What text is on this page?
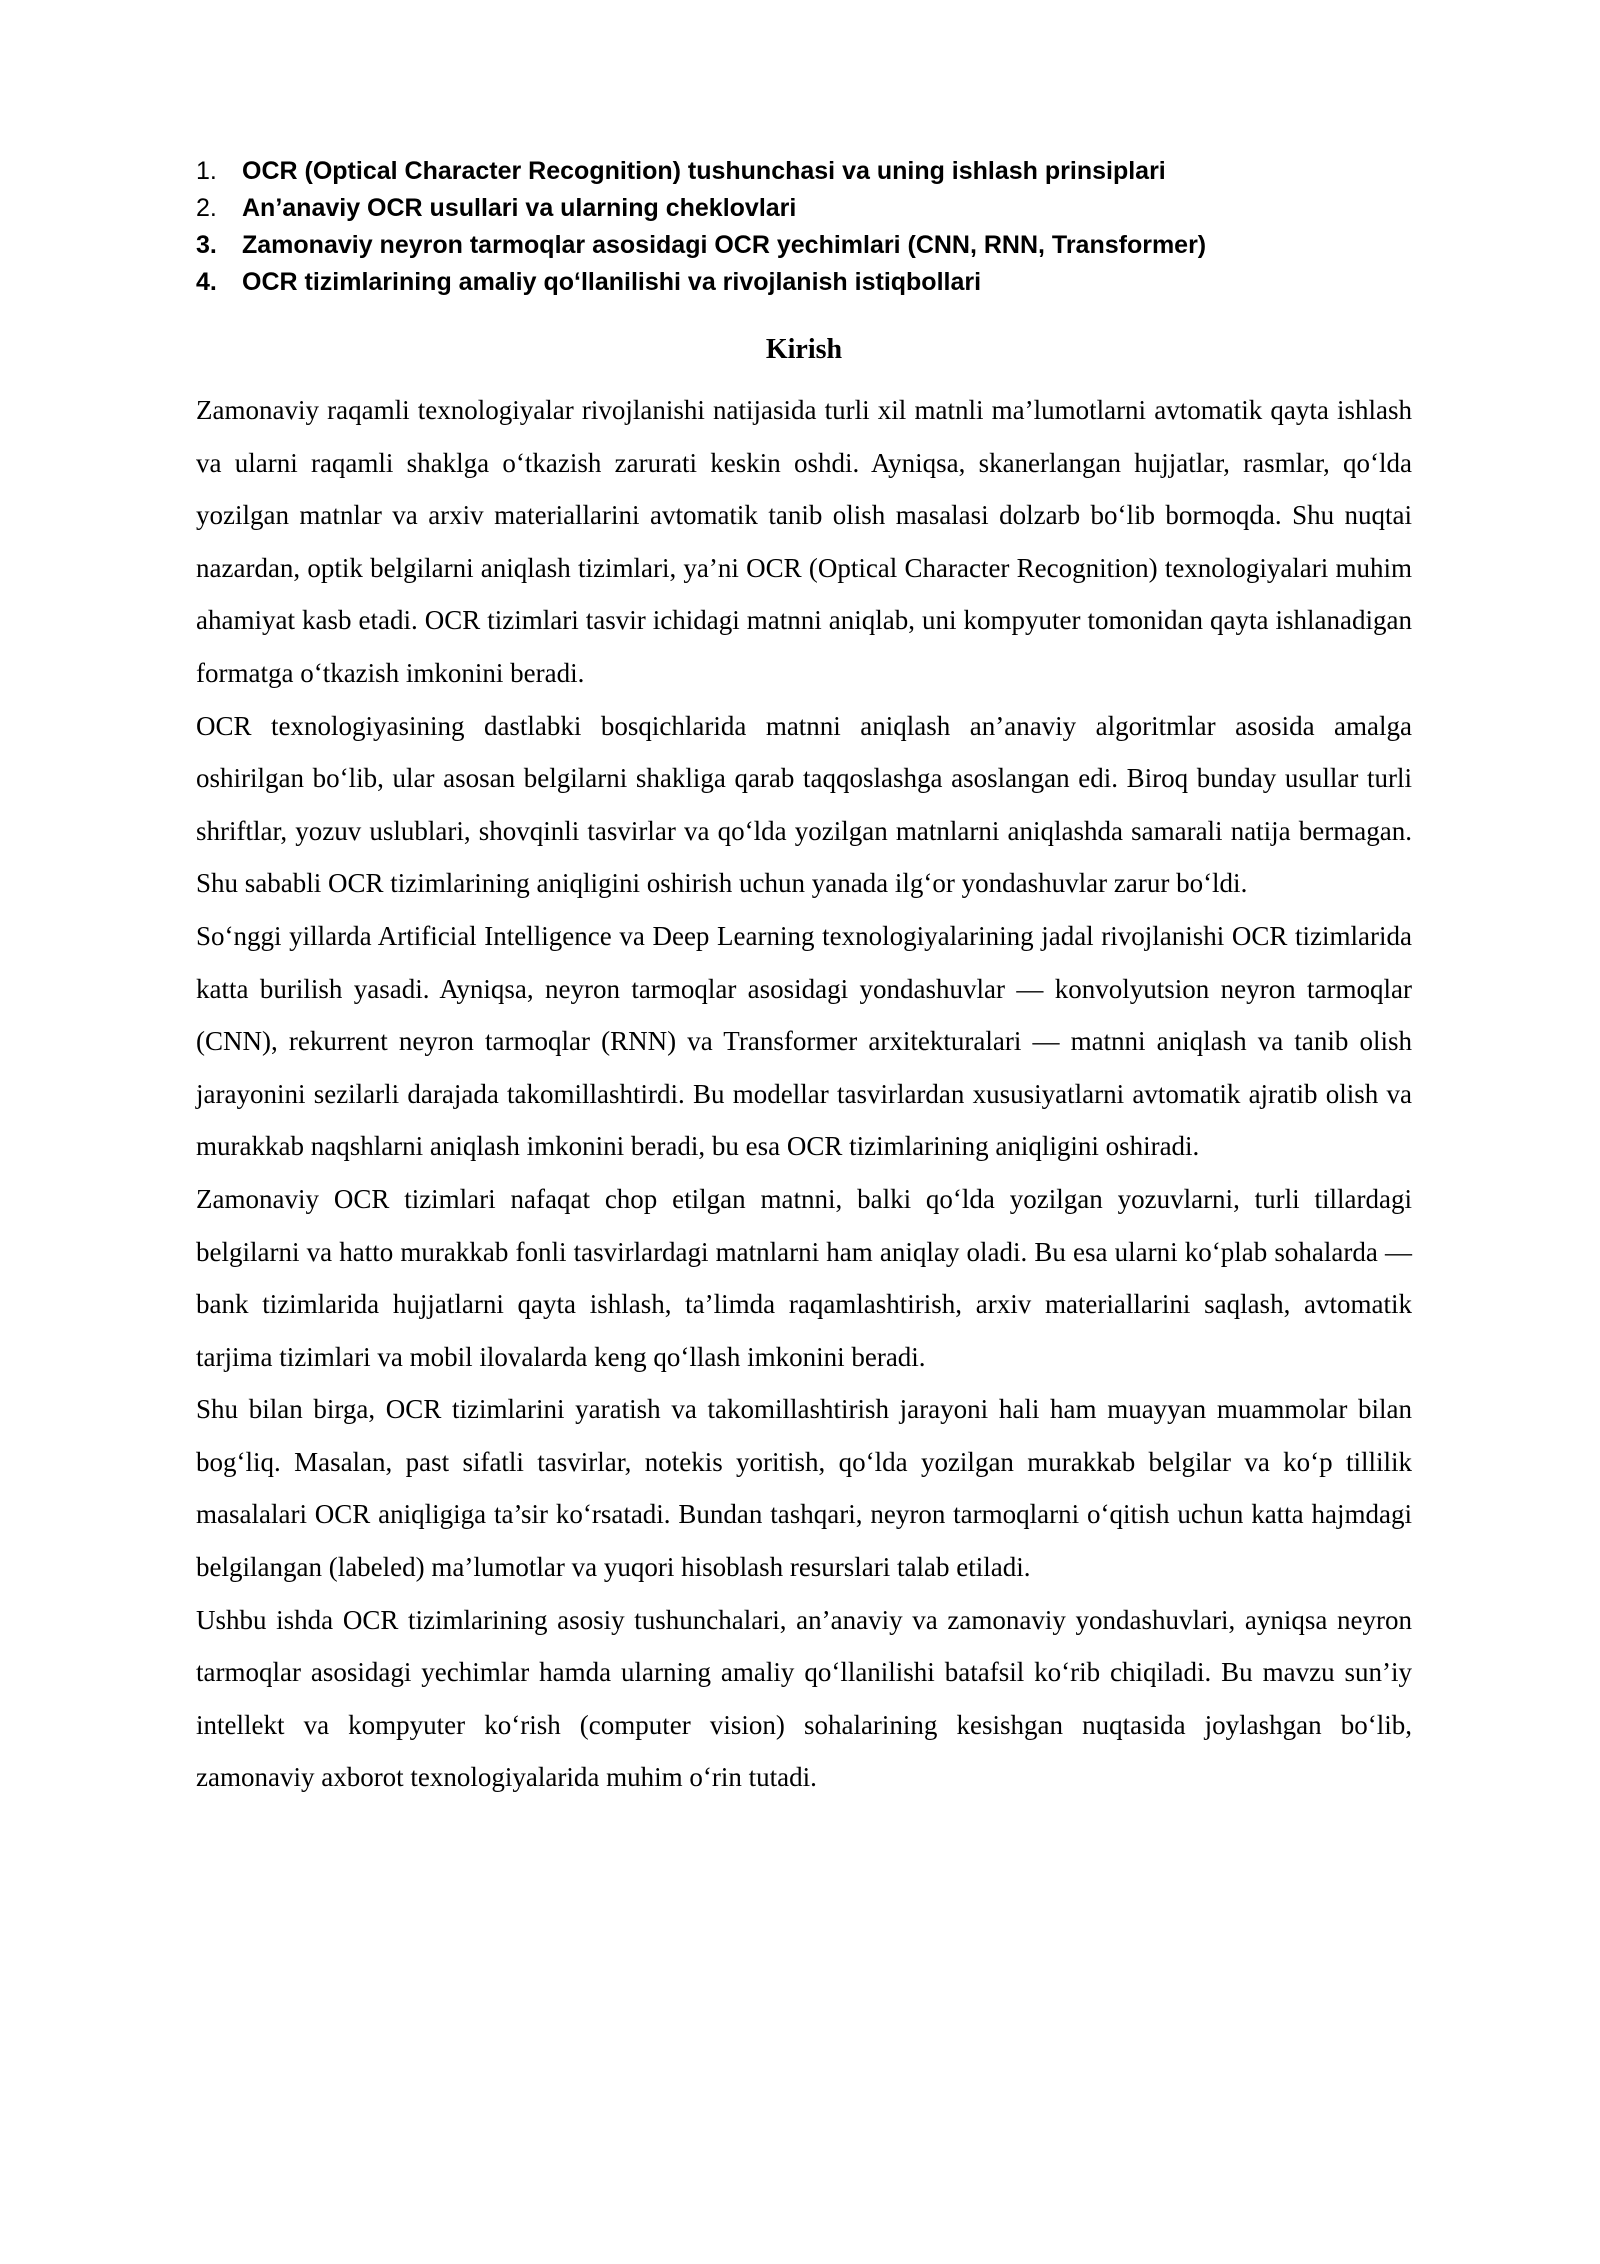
1.	OCR (Optical Character Recognition) tushunchasi va uning ishlash prinsiplari
2.	An’anaviy OCR usullari va ularning cheklovlari
3.	Zamonaviy neyron tarmoqlar asosidagi OCR yechimlari (CNN, RNN, Transformer)
4.	OCR tizimlarining amaliy qo‘llanilishi va rivojlanish istiqbollari
Kirish

Zamonaviy raqamli texnologiyalar rivojlanishi natijasida turli xil matnli ma’lumotlarni avtomatik qayta ishlash va ularni raqamli shaklga o‘tkazish zarurati keskin oshdi. Ayniqsa, skanerlangan hujjatlar, rasmlar, qo‘lda yozilgan matnlar va arxiv materiallarini avtomatik tanib olish masalasi dolzarb bo‘lib bormoqda. Shu nuqtai nazardan, optik belgilarni aniqlash tizimlari, ya’ni OCR (Optical Character Recognition) texnologiyalari muhim ahamiyat kasb etadi. OCR tizimlari tasvir ichidagi matnni aniqlab, uni kompyuter tomonidan qayta ishlanadigan formatga o‘tkazish imkonini beradi.

OCR texnologiyasining dastlabki bosqichlarida matnni aniqlash an’anaviy algoritmlar asosida amalga oshirilgan bo‘lib, ular asosan belgilarni shakliga qarab taqqoslashga asoslangan edi. Biroq bunday usullar turli shriftlar, yozuv uslublari, shovqinli tasvirlar va qo‘lda yozilgan matnlarni aniqlashda samarali natija bermagan. Shu sababli OCR tizimlarining aniqligini oshirish uchun yanada ilg‘or yondashuvlar zarur bo‘ldi.

So‘nggi yillarda Artificial Intelligence va Deep Learning texnologiyalarining jadal rivojlanishi OCR tizimlarida katta burilish yasadi. Ayniqsa, neyron tarmoqlar asosidagi yondashuvlar — konvolyutsion neyron tarmoqlar (CNN), rekurrent neyron tarmoqlar (RNN) va Transformer arxitekturalari — matnni aniqlash va tanib olish jarayonini sezilarli darajada takomillashtirdi. Bu modellar tasvirlardan xususiyatlarni avtomatik ajratib olish va murakkab naqshlarni aniqlash imkonini beradi, bu esa OCR tizimlarining aniqligini oshiradi.

Zamonaviy OCR tizimlari nafaqat chop etilgan matnni, balki qo‘lda yozilgan yozuvlarni, turli tillardagi belgilarni va hatto murakkab fonli tasvirlardagi matnlarni ham aniqlay oladi. Bu esa ularni ko‘plab sohalarda — bank tizimlarida hujjatlarni qayta ishlash, ta’limda raqamlashtirish, arxiv materiallarini saqlash, avtomatik tarjima tizimlari va mobil ilovalarda keng qo‘llash imkonini beradi.

Shu bilan birga, OCR tizimlarini yaratish va takomillashtirish jarayoni hali ham muayyan muammolar bilan bog‘liq. Masalan, past sifatli tasvirlar, notekis yoritish, qo‘lda yozilgan murakkab belgilar va ko‘p tillilik masalalari OCR aniqligiga ta’sir ko‘rsatadi. Bundan tashqari, neyron tarmoqlarni o‘qitish uchun katta hajmdagi belgilangan (labeled) ma’lumotlar va yuqori hisoblash resurslari talab etiladi.

Ushbu ishda OCR tizimlarining asosiy tushunchalari, an’anaviy va zamonaviy yondashuvlari, ayniqsa neyron tarmoqlar asosidagi yechimlar hamda ularning amaliy qo‘llanilishi batafsil ko‘rib chiqiladi. Bu mavzu sun’iy intellekt va kompyuter ko‘rish (computer vision) sohalarining kesishgan nuqtasida joylashgan bo‘lib, zamonaviy axborot texnologiyalarida muhim o‘rin tutadi.
